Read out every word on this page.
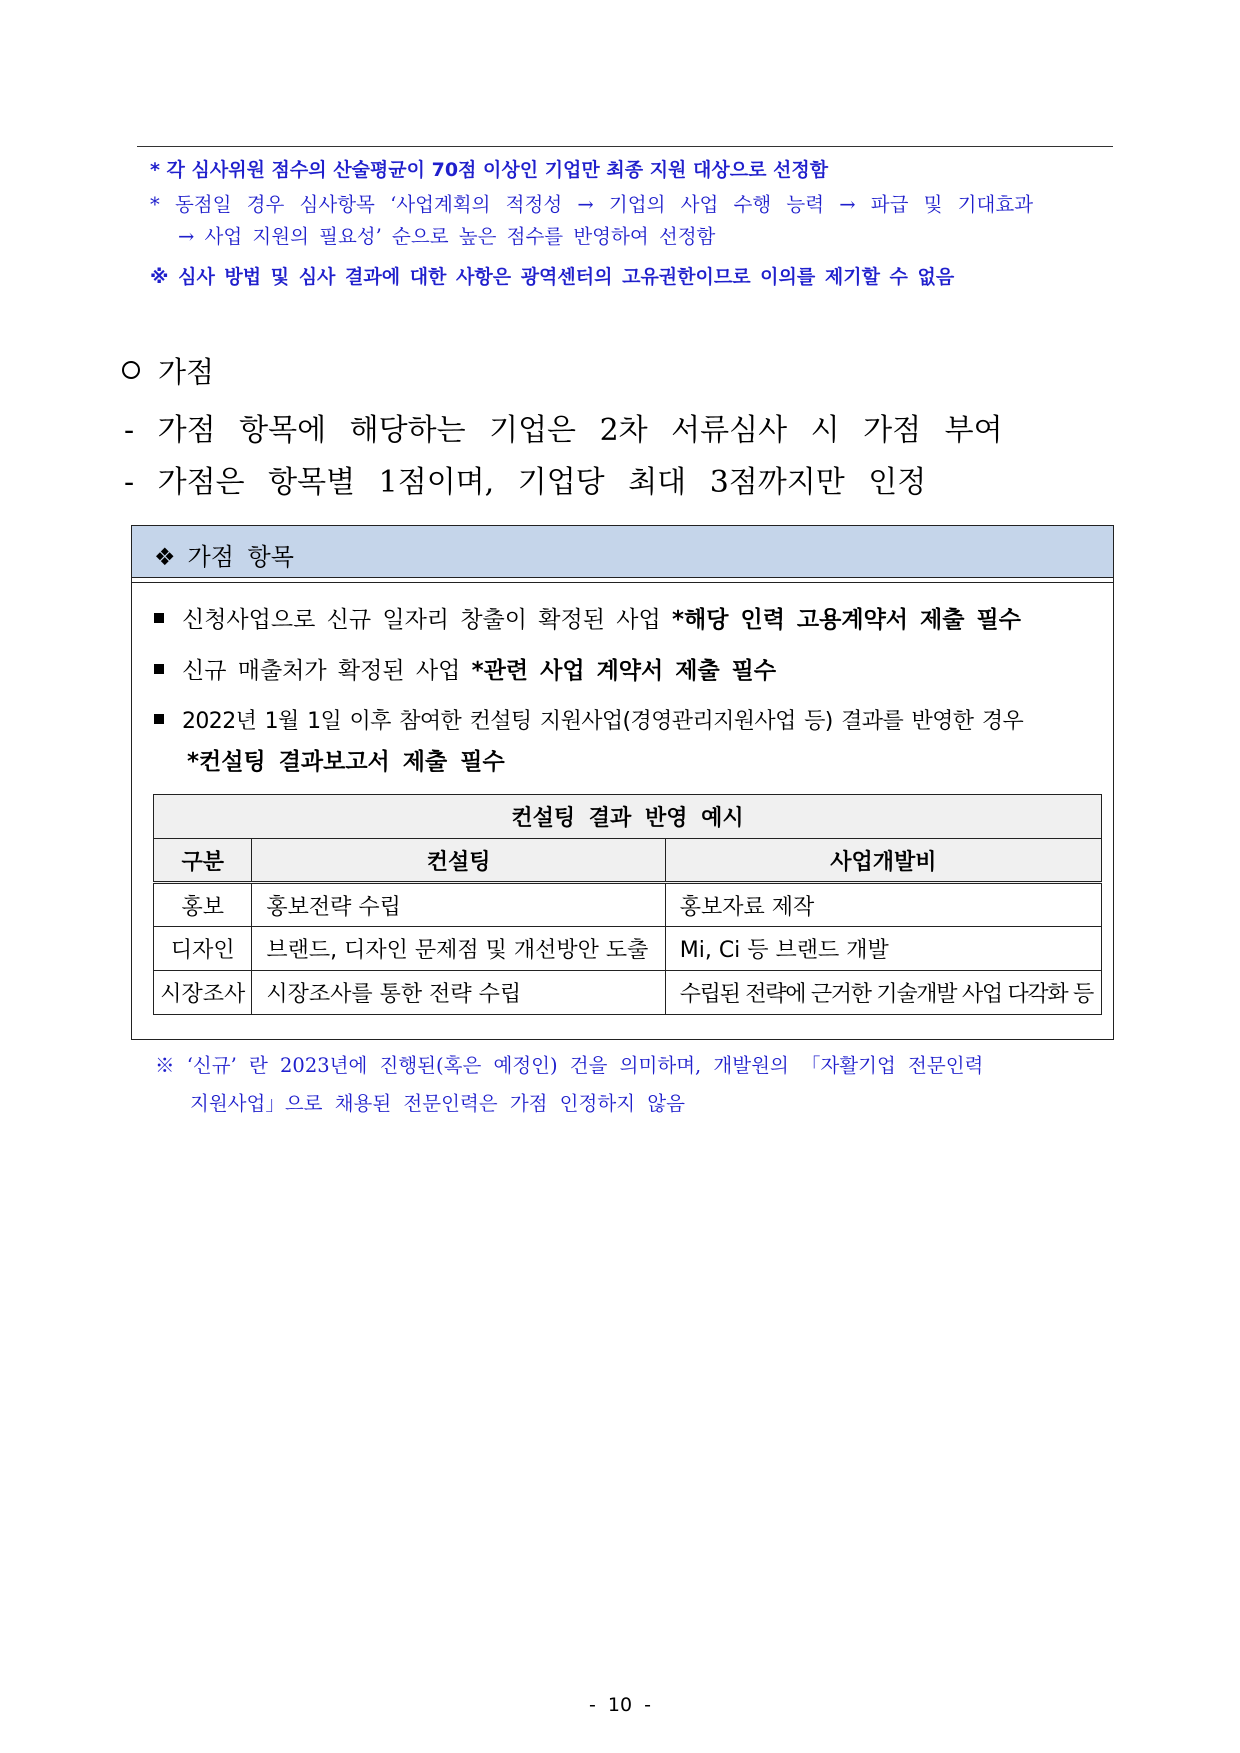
* 각 심사위원 점수의 산술평균이 70점 이상인 기업만 최종 지원 대상으로 선정함
* 동점일 경우 심사항목 ‘사업계획의 적정성 → 기업의 사업 수행 능력 → 파급 및 기대효과
→ 사업 지원의 필요성’ 순으로 높은 점수를 반영하여 선정함
※ 심사 방법 및 심사 결과에 대한 사항은 광역센터의 고유권한이므로 이의를 제기할 수 없음
가점
- 가점 항목에 해당하는 기업은 2차 서류심사 시 가점 부여
- 가점은 항목별 1점이며, 기업당 최대 3점까지만 인정
❖ 가점 항목
신청사업으로 신규 일자리 창출이 확정된 사업 *해당 인력 고용계약서 제출 필수
신규 매출처가 확정된 사업 *관련 사업 계약서 제출 필수
2022년 1월 1일 이후 참여한 컨설팅 지원사업(경영관리지원사업 등) 결과를 반영한 경우
*컨설팅 결과보고서 제출 필수
컨설팅 결과 반영 예시		
구분	컨설팅	사업개발비
홍보	홍보전략 수립	홍보자료 제작
디자인	브랜드, 디자인 문제점 및 개선방안 도출	Mi, Ci 등 브랜드 개발
시장조사	시장조사를 통한 전략 수립	수립된 전략에 근거한 기술개발 사업 다각화 등
※ ‘신규’ 란 2023년에 진행된(혹은 예정인) 건을 의미하며, 개발원의 「자활기업 전문인력
지원사업」으로 채용된 전문인력은 가점 인정하지 않음
- 10 -
